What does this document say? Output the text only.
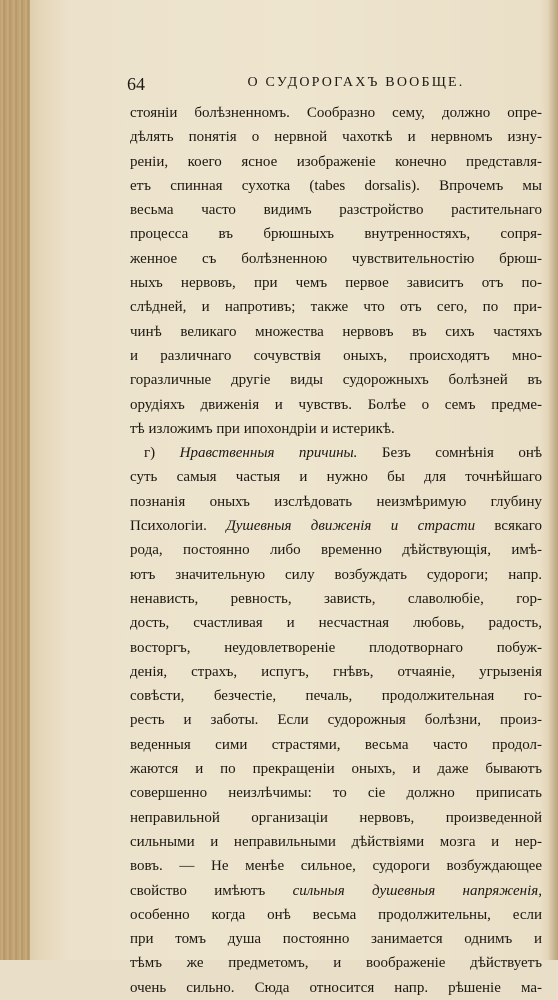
64	О СУДОРОГАХЪ ВООБЩЕ.
стояніи болѣзненномъ. Сообразно сему, должно опре-
дѣлять понятія о нервной чахоткѣ и нервномъ изну-
реніи, коего ясное изображеніе конечно представля-
етъ спинная сухотка (tabes dorsalis). Впрочемъ мы
весьма часто видимъ разстройство растительнаго
процесса въ брюшныхъ внутренностяхъ, сопря-
женное съ болѣзненною чувствительностію брюш-
ныхъ нервовъ, при чемъ первое зависитъ отъ по-
слѣдней, и напротивъ; также что отъ сего, по при-
чинѣ великаго множества нервовъ въ сихъ частяхъ
и различнаго сочувствія оныхъ, происходятъ мно-
горазличные другіе виды судорожныхъ болѣзней въ
орудіяхъ движенія и чувствъ. Болѣе о семъ предме-
тѣ изложимъ при ипохондріи и истерикѣ.
г) Нравственныя причины. Безъ сомнѣнія онѣ
суть самыя частыя и нужно бы для точнѣйшаго
познанія оныхъ изслѣдовать неизмѣримую глубину
Психологіи. Душевныя движенія и страсти всякаго
рода, постоянно либо временно дѣйствующія, имѣ-
ютъ значительную силу возбуждать судороги; напр.
ненависть, ревность, зависть, славолюбіе, гор-
дость, счастливая и несчастная любовь, радость,
восторгъ, неудовлетвореніе плодотворнаго побуж-
денія, страхъ, испугъ, гнѣвъ, отчаяніе, угрызенія
совѣсти, безчестіе, печаль, продолжительная го-
ресть и заботы. Если судорожныя болѣзни, произ-
веденныя сими страстями, весьма часто продол-
жаются и по прекращеніи оныхъ, и даже бываютъ
совершенно неизлѣчимы: то сіе должно приписать
неправильной организаціи нервовъ, произведенной
сильными и неправильными дѣйствіями мозга и нер-
вовъ. — Не менѣе сильное, судороги возбуждающее
свойство имѣютъ сильныя душевныя напряженія,
особенно когда онѣ весьма продолжительны, если
при томъ душа постоянно занимается однимъ и
тѣмъ же предметомъ, и воображеніе дѣйствуетъ
очень сильно. Сюда относится напр. рѣшеніе ма-
